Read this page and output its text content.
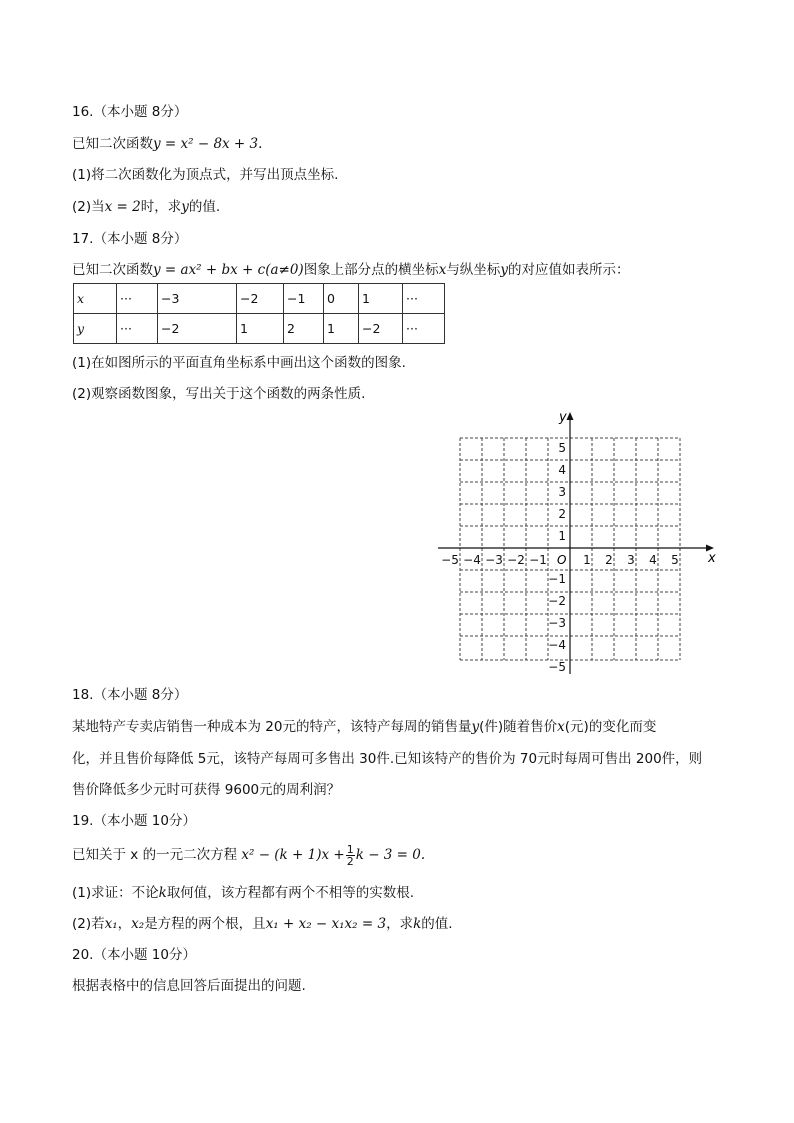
16.（本小题 8分）
已知二次函数y = x² − 8x + 3.
(1)将二次函数化为顶点式，并写出顶点坐标.
(2)当x = 2时，求y的值.
17.（本小题 8分）
已知二次函数y = ax² + bx + c(a≠0)图象上部分点的横坐标x与纵坐标y的对应值如表所示：
x	···	−3	−2	−1	0	1	···
y	···	−2	1	2	1	−2	···
(1)在如图所示的平面直角坐标系中画出这个函数的图象.
(2)观察函数图象，写出关于这个函数的两条性质.
x
y
O
−5 −4 −3 −2 −1	1 2 3 4 5
5
4
3
2
1
−1
−2
−3
−4
−5
18.（本小题 8分）
某地特产专卖店销售一种成本为 20元的特产，该特产每周的销售量y(件)随着售价x(元)的变化而变
化，并且售价每降低 5元，该特产每周可多售出 30件.已知该特产的售价为 70元时每周可售出 200件，则
售价降低多少元时可获得 9600元的周利润？
19.（本小题 10分）
已知关于 x 的一元二次方程 $x^2 - (k + 1)x + \frac{1}{2}$ k − 3 = 0.
(1)求证：不论k取何值，该方程都有两个不相等的实数根.
(2)若x₁，x₂是方程的两个根，且x₁ + x₂ − x₁x₂ = 3，求k的值.
20.（本小题 10分）
根据表格中的信息回答后面提出的问题.
